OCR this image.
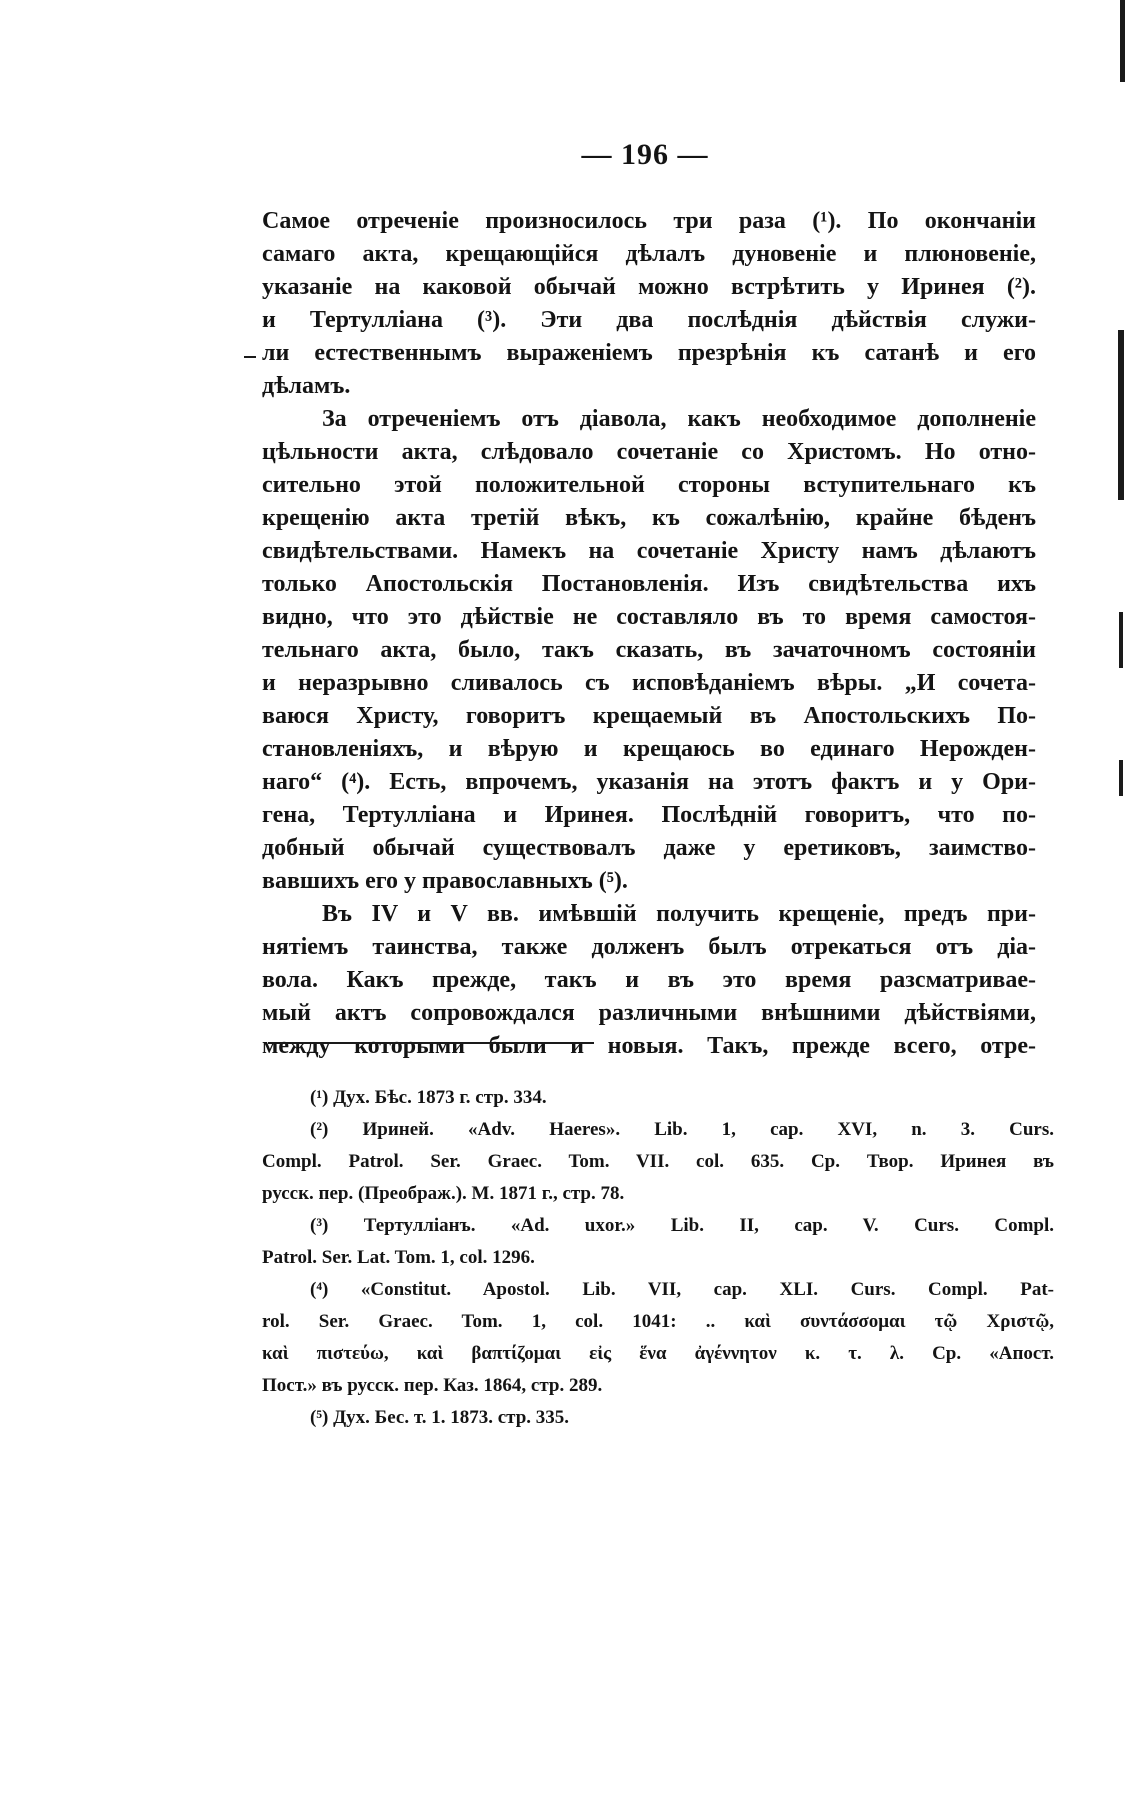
— 196 —
Самое отреченіе произносилось три раза (¹). По окончаніи
самаго акта, крещающійся дѣлалъ дуновеніе и плюновеніе,
указаніе на каковой обычай можно встрѣтить у Иринея (²).
и Тертулліана (³). Эти два послѣднія дѣйствія служи-
ли естественнымъ выраженіемъ презрѣнія къ сатанѣ и его
дѣламъ.
За отреченіемъ отъ діавола, какъ необходимое дополненіе
цѣльности акта, слѣдовало сочетаніе со Христомъ. Но отно-
сительно этой положительной стороны вступительнаго къ
крещенію акта третій вѣкъ, къ сожалѣнію, крайне бѣденъ
свидѣтельствами. Намекъ на сочетаніе Христу намъ дѣлаютъ
только Апостольскія Постановленія. Изъ свидѣтельства ихъ
видно, что это дѣйствіе не составляло въ то время самостоя-
тельнаго акта, было, такъ сказать, въ зачаточномъ состояніи
и неразрывно сливалось съ исповѣданіемъ вѣры. „И сочета-
ваюся Христу, говоритъ крещаемый въ Апостольскихъ По-
становленіяхъ, и вѣрую и крещаюсь во единаго Нерожден-
наго“ (⁴). Есть, впрочемъ, указанія на этотъ фактъ и у Ори-
гена, Тертулліана и Иринея. Послѣдній говоритъ, что по-
добный обычай существовалъ даже у еретиковъ, заимство-
вавшихъ его у православныхъ (⁵).
Въ IV и V вв. имѣвшій получить крещеніе, предъ при-
нятіемъ таинства, также долженъ былъ отрекаться отъ діа-
вола. Какъ прежде, такъ и въ это время разсматривае-
мый актъ сопровождался различными внѣшними дѣйствіями,
между которыми были и новыя. Такъ, прежде всего, отре-
(¹) Дух. Бѣс. 1873 г. стр. 334.
(²) Ириней. «Adv. Haeres». Lib. 1, cap. XVI, n. 3. Curs.
Compl. Patrol. Ser. Graec. Tom. VII. col. 635. Ср. Твор. Иринея въ
русск. пер. (Преображ.). М. 1871 г., стр. 78.
(³) Тертулліанъ. «Ad. uxor.» Lib. II, cap. V. Curs. Compl.
Patrol. Ser. Lat. Tom. 1, col. 1296.
(⁴) «Constitut. Apostol. Lib. VII, cap. XLI. Curs. Compl. Pat-
rol. Ser. Graec. Tom. 1, col. 1041: .. καὶ συντάσσομαι τῷ Χριστῷ,
καὶ πιστεύω, καὶ βαπτίζομαι εἰς ἕνα ἀγέννητον κ. τ. λ. Ср. «Апост.
Пост.» въ русск. пер. Каз. 1864, стр. 289.
(⁵) Дух. Бес. т. 1. 1873. стр. 335.
